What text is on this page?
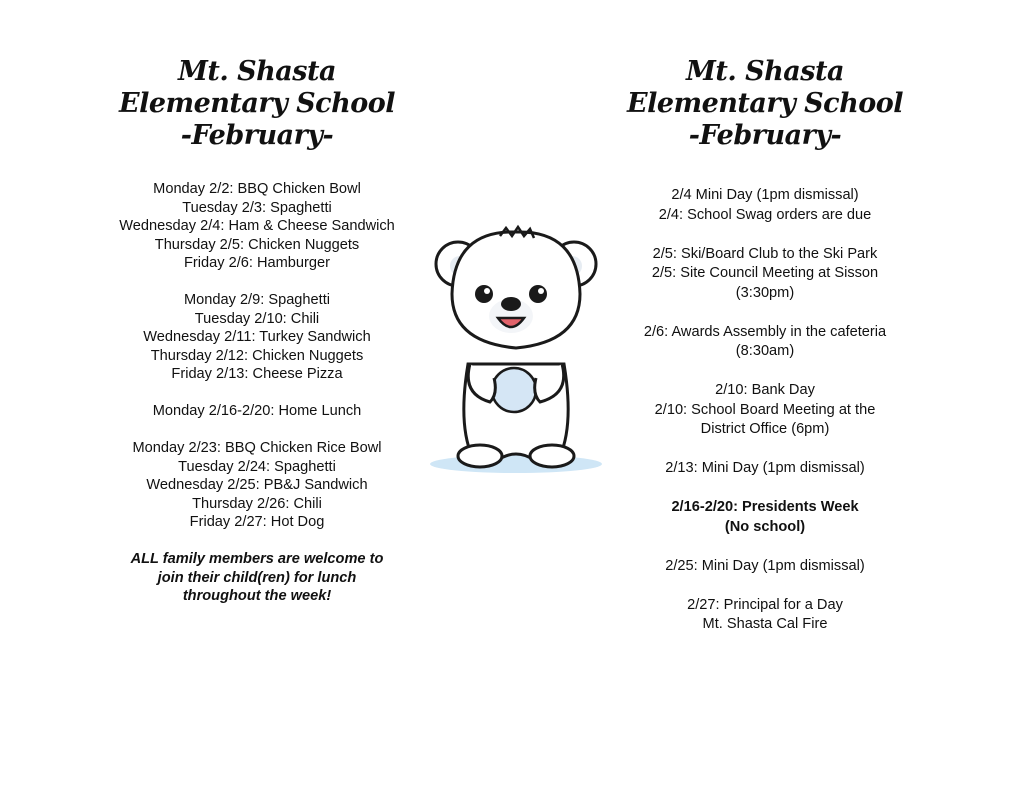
Mt. Shasta
Elementary School
-February-
Monday 2/2: BBQ Chicken Bowl
Tuesday 2/3: Spaghetti
Wednesday 2/4: Ham & Cheese Sandwich
Thursday 2/5: Chicken Nuggets
Friday 2/6: Hamburger
Monday 2/9: Spaghetti
Tuesday 2/10: Chili
Wednesday 2/11: Turkey Sandwich
Thursday 2/12: Chicken Nuggets
Friday 2/13: Cheese Pizza
Monday 2/16-2/20: Home Lunch
Monday 2/23: BBQ Chicken Rice Bowl
Tuesday 2/24: Spaghetti
Wednesday 2/25: PB&J Sandwich
Thursday 2/26: Chili
Friday 2/27: Hot Dog
ALL family members are welcome to
join their child(ren) for lunch
throughout the week!
Mt. Shasta
Elementary School
-February-
2/4 Mini Day (1pm dismissal)
2/4: School Swag orders are due
2/5: Ski/Board Club to the Ski Park
2/5: Site Council Meeting at Sisson
(3:30pm)
2/6: Awards Assembly in the cafeteria
(8:30am)
2/10: Bank Day
2/10: School Board Meeting at the
District Office (6pm)
2/13: Mini Day (1pm dismissal)
2/16-2/20: Presidents Week
(No school)
2/25: Mini Day (1pm dismissal)
2/27: Principal for a Day
Mt. Shasta Cal Fire
